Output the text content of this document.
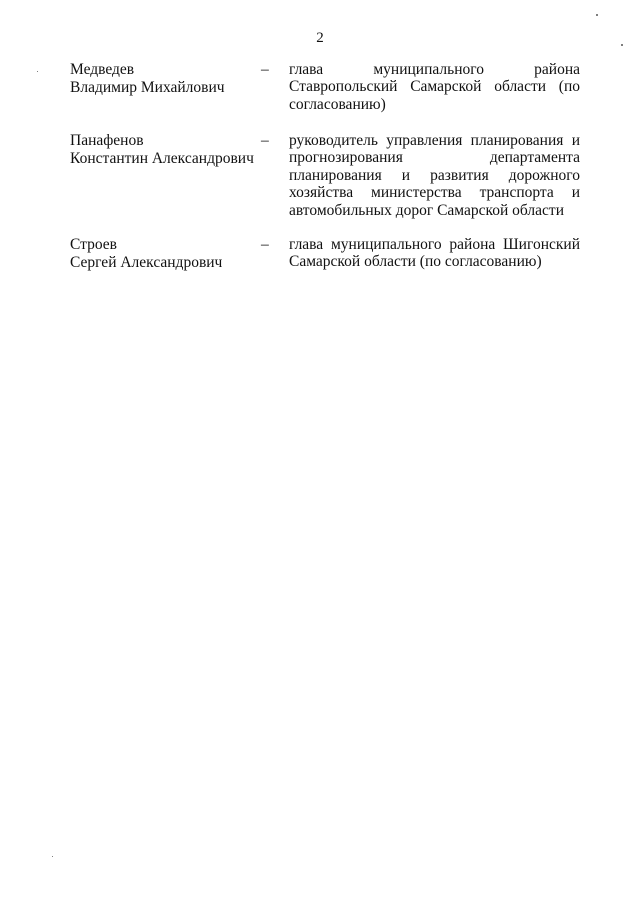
2
Медведев
Владимир Михайлович
– глава муниципального района Ставропольский Самарской области (по согласованию)
Панафенов
Константин Александрович
– руководитель управления планирования и прогнозирования департамента планирования и развития дорожного хозяйства министерства транспорта и автомобильных дорог Самарской области
Строев
Сергей Александрович
– глава муниципального района Шигонский Самарской области (по согласованию)
